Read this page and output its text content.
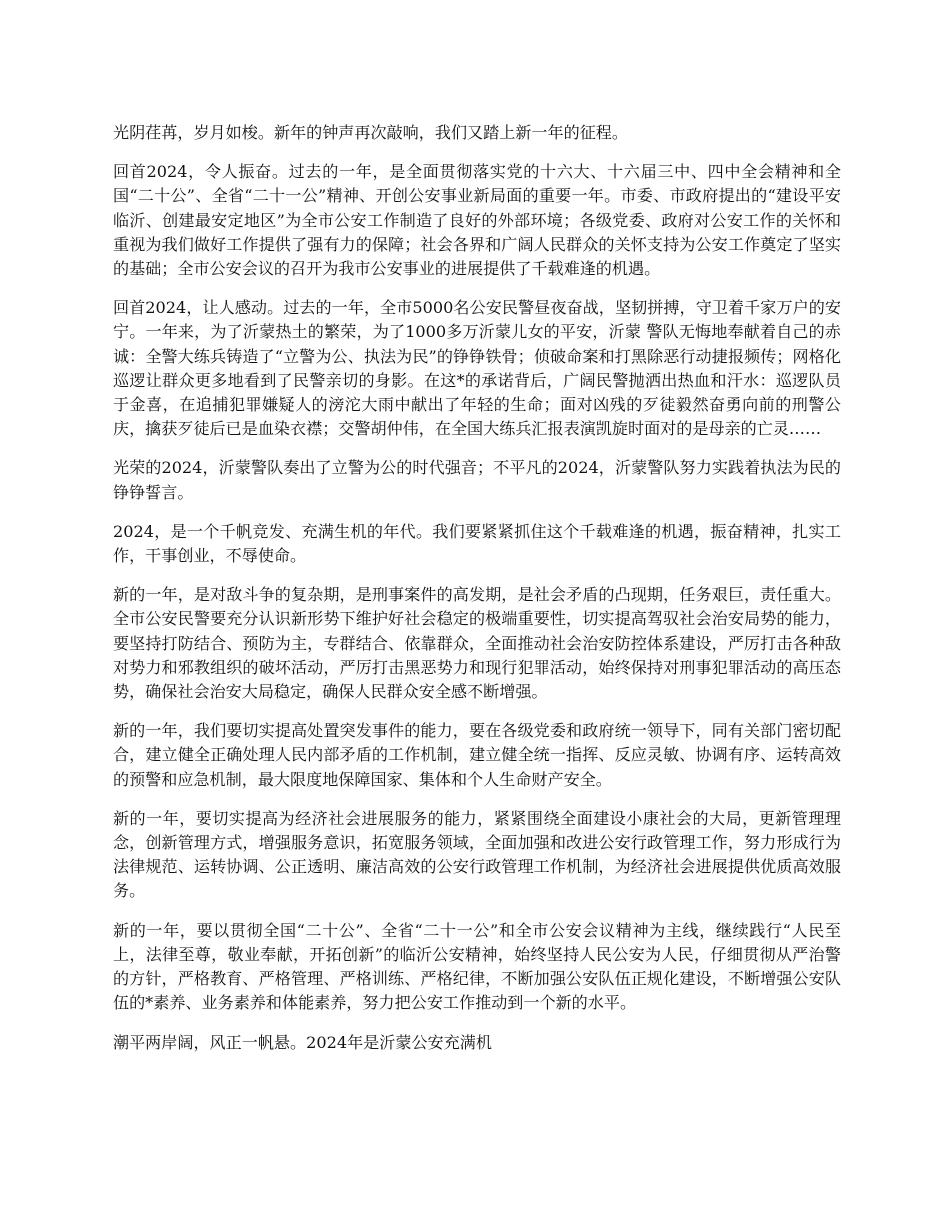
光阴荏苒，岁月如梭。新年的钟声再次敲响，我们又踏上新一年的征程。

回首2024，令人振奋。过去的一年，是全面贯彻落实党的十六大、十六届三中、四中全会精神和全国“二十公”、全省“二十一公”精神、开创公安事业新局面的重要一年。市委、市政府提出的“建设平安临沂、创建最安定地区”为全市公安工作制造了良好的外部环境；各级党委、政府对公安工作的关怀和重视为我们做好工作提供了强有力的保障；社会各界和广阔人民群众的关怀支持为公安工作奠定了坚实的基础；全市公安会议的召开为我市公安事业的进展提供了千载难逢的机遇。

回首2024，让人感动。过去的一年，全市5000名公安民警昼夜奋战，坚韧拼搏，守卫着千家万户的安宁。一年来，为了沂蒙热土的繁荣，为了1000多万沂蒙儿女的平安，沂蒙 警队无悔地奉献着自己的赤诚：全警大练兵铸造了“立警为公、执法为民”的铮铮铁骨；侦破命案和打黑除恶行动捷报频传；网格化巡逻让群众更多地看到了民警亲切的身影。在这*的承诺背后，广阔民警抛洒出热血和汗水：巡逻队员于金喜，在追捕犯罪嫌疑人的滂沱大雨中献出了年轻的生命；面对凶残的歹徒毅然奋勇向前的刑警公庆，擒获歹徒后已是血染衣襟；交警胡仲伟，在全国大练兵汇报表演凯旋时面对的是母亲的亡灵……

光荣的2024，沂蒙警队奏出了立警为公的时代强音；不平凡的2024，沂蒙警队努力实践着执法为民的铮铮誓言。

2024，是一个千帆竞发、充满生机的年代。我们要紧紧抓住这个千载难逢的机遇，振奋精神，扎实工作，干事创业，不辱使命。

新的一年，是对敌斗争的复杂期，是刑事案件的高发期，是社会矛盾的凸现期，任务艰巨，责任重大。全市公安民警要充分认识新形势下维护好社会稳定的极端重要性，切实提高驾驭社会治安局势的能力，要坚持打防结合、预防为主，专群结合、依靠群众，全面推动社会治安防控体系建设，严厉打击各种敌对势力和邪教组织的破坏活动，严厉打击黑恶势力和现行犯罪活动，始终保持对刑事犯罪活动的高压态势，确保社会治安大局稳定，确保人民群众安全感不断增强。

新的一年，我们要切实提高处置突发事件的能力，要在各级党委和政府统一领导下，同有关部门密切配合，建立健全正确处理人民内部矛盾的工作机制，建立健全统一指挥、反应灵敏、协调有序、运转高效的预警和应急机制，最大限度地保障国家、集体和个人生命财产安全。

新的一年，要切实提高为经济社会进展服务的能力，紧紧围绕全面建设小康社会的大局，更新管理理念，创新管理方式，增强服务意识，拓宽服务领域，全面加强和改进公安行政管理工作，努力形成行为法律规范、运转协调、公正透明、廉洁高效的公安行政管理工作机制，为经济社会进展提供优质高效服务。

新的一年，要以贯彻全国“二十公”、全省“二十一公”和全市公安会议精神为主线，继续践行“人民至上，法律至尊，敬业奉献，开拓创新”的临沂公安精神，始终坚持人民公安为人民，仔细贯彻从严治警的方针，严格教育、严格管理、严格训练、严格纪律，不断加强公安队伍正规化建设，不断增强公安队伍的*素养、业务素养和体能素养，努力把公安工作推动到一个新的水平。

潮平两岸阔，风正一帆悬。2024年是沂蒙公安充满机
